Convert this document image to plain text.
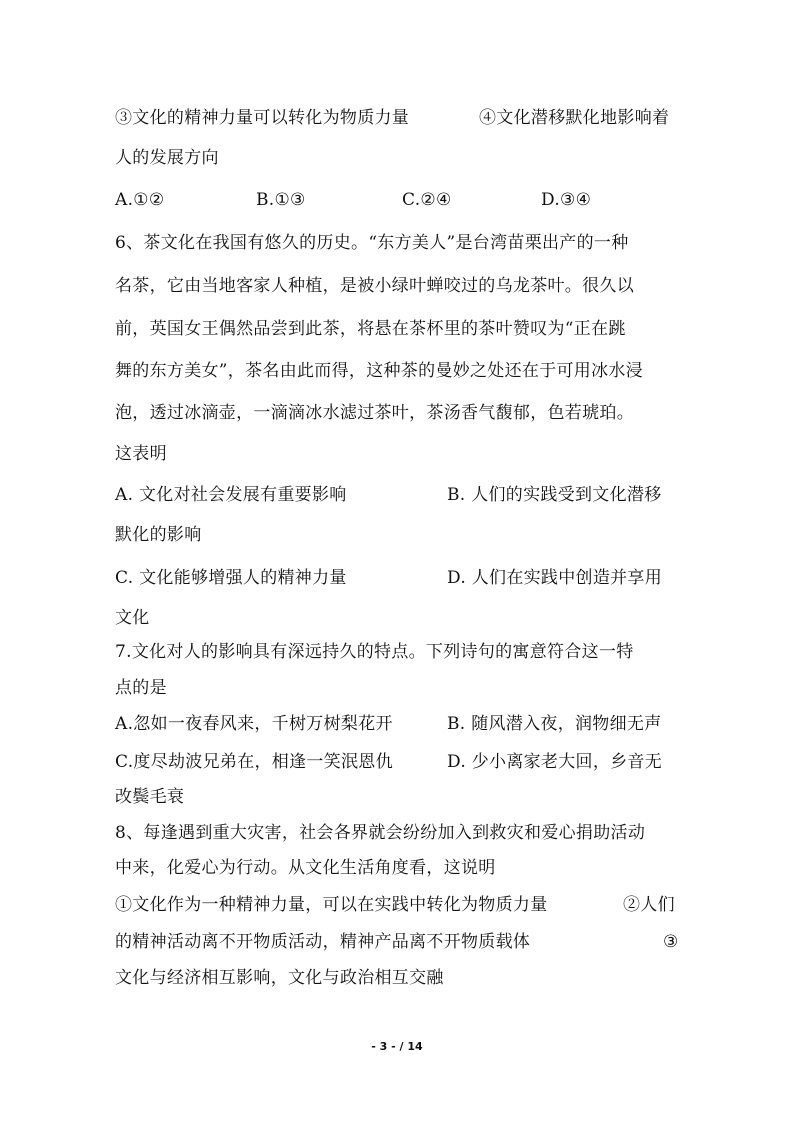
③文化的精神力量可以转化为物质力量	④文化潜移默化地影响着
人的发展方向
A.①②	B.①③	C.②④	D.③④
6、茶文化在我国有悠久的历史。“东方美人”是台湾苗栗出产的一种
名茶，它由当地客家人种植，是被小绿叶蝉咬过的乌龙茶叶。很久以
前，英国女王偶然品尝到此茶，将悬在茶杯里的茶叶赞叹为“正在跳
舞的东方美女”，茶名由此而得，这种茶的曼妙之处还在于可用冰水浸
泡，透过冰滴壶，一滴滴冰水滤过茶叶，茶汤香气馥郁，色若琥珀。
这表明
A. 文化对社会发展有重要影响	B. 人们的实践受到文化潜移
默化的影响
C. 文化能够增强人的精神力量	D. 人们在实践中创造并享用
文化
7.文化对人的影响具有深远持久的特点。下列诗句的寓意符合这一特
点的是
A.忽如一夜春风来，千树万树梨花开	B. 随风潜入夜，润物细无声
C.度尽劫波兄弟在，相逢一笑泯恩仇	D. 少小离家老大回，乡音无
改鬓毛衰
8、每逢遇到重大灾害，社会各界就会纷纷加入到救灾和爱心捐助活动
中来，化爱心为行动。从文化生活角度看，这说明
①文化作为一种精神力量，可以在实践中转化为物质力量	②人们
的精神活动离不开物质活动，精神产品离不开物质载体	③
文化与经济相互影响，文化与政治相互交融
- 3 - / 14
